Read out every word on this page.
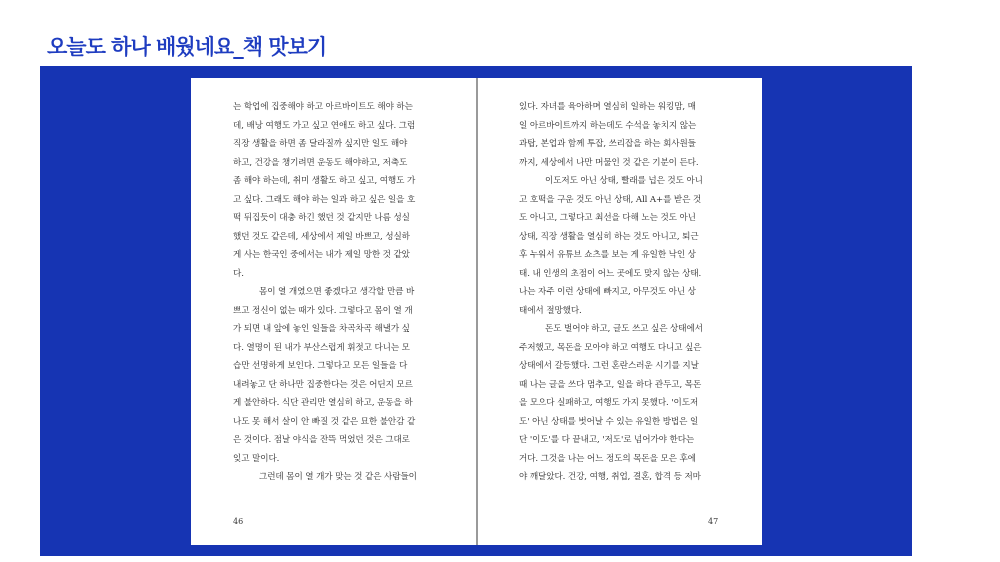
오늘도 하나 배웠네요_책 맛보기
는 학업에 집중해야 하고 아르바이트도 해야 하는
데, 배낭 여행도 가고 싶고 연애도 하고 싶다. 그럼
직장 생활을 하면 좀 달라질까 싶지만 일도 해야
하고, 건강을 챙기려면 운동도 해야하고, 저축도
좀 해야 하는데, 취미 생활도 하고 싶고, 여행도 가
고 싶다. 그래도 해야 하는 일과 하고 싶은 일을 호
떡 뒤집듯이 대충 하긴 했던 것 같지만 나름 성실
했던 것도 같은데, 세상에서 제일 바쁘고, 성실하
게 사는 한국인 중에서는 내가 제일 망한 것 같았
다.
몸이 열 개였으면 좋겠다고 생각할 만큼 바
쁘고 정신이 없는 때가 있다. 그렇다고 몸이 열 개
가 되면 내 앞에 놓인 일들을 차곡차곡 해낼가 싶
다. 열명이 된 내가 부산스럽게 휘젓고 다니는 모
습만 선명하게 보인다. 그렇다고 모든 일들을 다
내려놓고 단 하나만 집중한다는 것은 어딘지 모르
게 불안하다. 식단 관리만 열심히 하고, 운동을 하
나도 못 해서 살이 안 빠질 것 같은 묘한 불안감 같
은 것이다. 점날 야식을 잔뜩 먹었던 것은 그대로
잊고 말이다.
그런데 몸이 열 개가 맞는 것 같은 사람들이
있다. 자녀를 육아하며 열심히 일하는 워킹맘, 매
일 아르바이트까지 하는데도 수석을 놓치지 않는
과탑, 본업과 함께 투잡, 쓰리잡을 하는 회사원들
까지, 세상에서 나만 머물인 것 같은 기분이 든다.
이도저도 아닌 상태, 빨래를 넙은 것도 아니
고 호떡을 구운 것도 아닌 상태, All A+를 받은 것
도 아니고, 그렇다고 최선을 다해 노는 것도 아닌
상태, 직장 생활을 열심히 하는 것도 아니고, 퇴근
후 누워서 유튜브 쇼츠를 보는 게 유일한 낙인 상
태. 내 인생의 초점이 어느 곳에도 맞지 않는 상태.
나는 자주 이런 상태에 빠지고, 아무것도 아닌 상
태에서 절망했다.
돈도 벌어야 하고, 글도 쓰고 싶은 상태에서
주저했고, 목돈을 모아야 하고 여행도 다니고 싶은
상태에서 갈등했다. 그런 혼란스러운 시기를 지날
때 나는 글을 쓰다 멈추고, 일을 하다 관두고, 목돈
을 모으다 실패하고, 여행도 가지 못했다. '이도저
도' 아닌 상태를 벗어날 수 있는 유일한 방법은 일
단 '이도'를 다 끝내고, '저도'로 넘어가야 한다는
거다. 그것을 나는 어느 정도의 목돈을 모은 후에
야 깨달았다. 건강, 여행, 취업, 결혼, 합격 등 저마
46	47
